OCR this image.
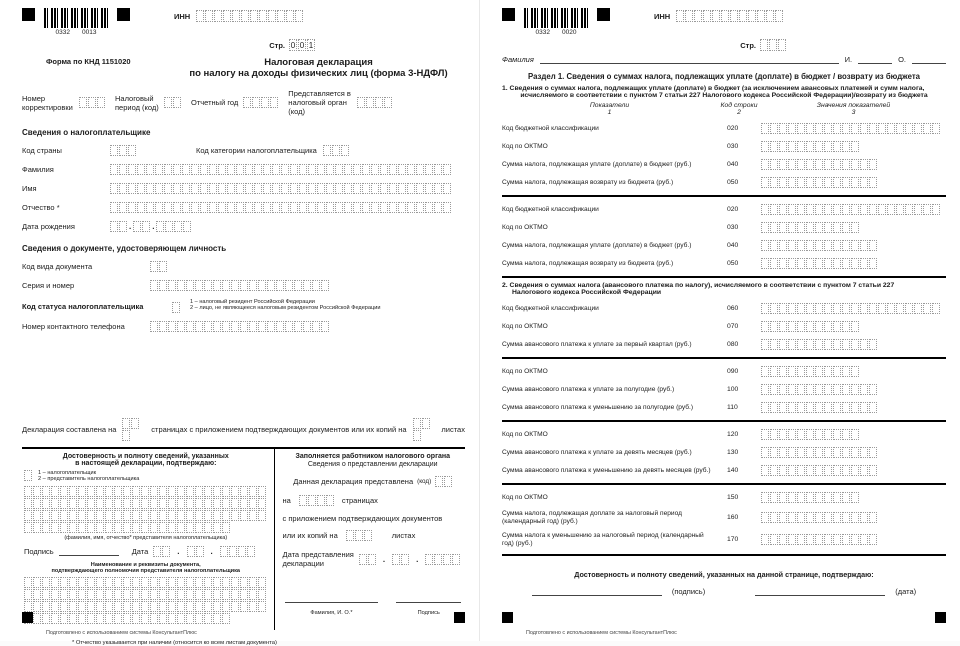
0332 0013
ИНН
Стр. 0 0 1
Форма по КНД 1151020	Налоговая декларация
по налогу на доходы физических лиц (форма 3-НДФЛ)
Номер корректировки
Налоговый период (код)	Отчетный год
Представляется в налоговый орган (код)
Сведения о налогоплательщике
Код страны	Код категории налогоплательщика
Фамилия
Имя
Отчество *
Дата рождения	.	.
Сведения о документе, удостоверяющем личность
Код вида документа
Серия и номер
Код статуса налогоплательщика	1 – налоговый резидент Российской Федерации
2 – лицо, не являющееся налоговым резидентом Российской Федерации
Номер контактного телефона
Декларация составлена на	страницах с приложением подтверждающих документов или их копий на	листах
Достоверность и полноту сведений, указанных
в настоящей декларации, подтверждаю:
1 – налогоплательщик
2 – представитель налогоплательщика
(фамилия, имя, отчество* представителя налогоплательщика)
Подпись	Дата	.	.
Наименование и реквизиты документа,
подтверждающего полномочия представителя налогоплательщика
Заполняется работником налогового органа
Сведения о представлении декларации
Данная декларация представлена (код)
на	страницах
с приложением подтверждающих документов
или их копий на	листах
Дата представления
декларации	.	.
Фамилия, И. О.*	Подпись
* Отчество указывается при наличии (относится ко всем листам документа)
Подготовлено с использованием системы КонсультантПлюс
0332 0020
ИНН
Стр.
Фамилия	И.	О.
Раздел 1. Сведения о суммах налога, подлежащих уплате (доплате) в бюджет / возврату из бюджета
1. Сведения о суммах налога, подлежащих уплате (доплате) в бюджет (за исключением авансовых платежей и сумм налога,
исчисляемого в соответствии с пунктом 7 статьи 227 Налогового кодекса Российской Федерации)/возврату из бюджета
Показатели
1
Код строки
2
Значения показателей
3
Код бюджетной классификации	020
Код по ОКТМО	030
Сумма налога, подлежащая уплате (доплате) в бюджет (руб.)	040
Сумма налога, подлежащая возврату из бюджета (руб.)	050
Код бюджетной классификации	020
Код по ОКТМО	030
Сумма налога, подлежащая уплате (доплате) в бюджет (руб.)	040
Сумма налога, подлежащая возврату из бюджета (руб.)	050
2. Сведения о суммах налога (авансового платежа по налогу), исчисляемого в соответствии с пунктом 7 статьи 227
Налогового кодекса Российской Федерации
Код бюджетной классификации	060
Код по ОКТМО	070
Сумма авансового платежа к уплате за первый квартал (руб.)	080
Код по ОКТМО	090
Сумма авансового платежа к уплате за полугодие (руб.)	100
Сумма авансового платежа к уменьшению за полугодие (руб.)	110
Код по ОКТМО	120
Сумма авансового платежа к уплате за девять месяцев (руб.)	130
Сумма авансового платежа к уменьшению за девять месяцев (руб.)	140
Код по ОКТМО	150
Сумма налога, подлежащая доплате за налоговый период (календарный год) (руб.)	160
Сумма налога к уменьшению за налоговый период (календарный год) (руб.)	170
Достоверность и полноту сведений, указанных на данной странице, подтверждаю:
(подпись)	(дата)
Подготовлено с использованием системы КонсультантПлюс
